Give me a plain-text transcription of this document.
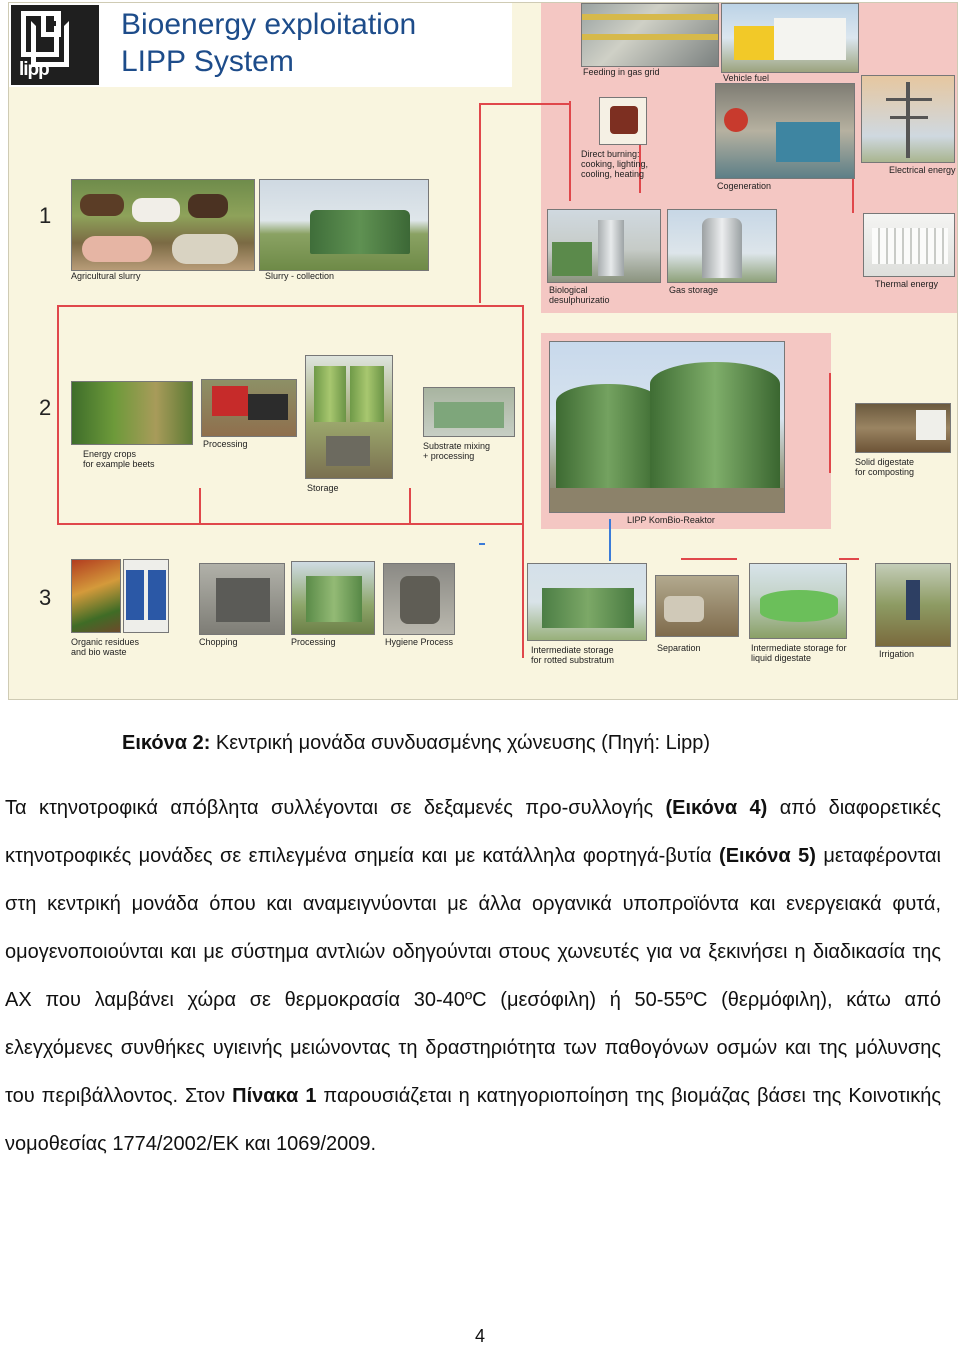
lipp
Bioenergy exploitation
LIPP System
1
2
3
Agricultural slurry	Slurry - collection
Feeding in gas grid
Vehicle fuel
Direct burning:
cooking, lighting,
cooling, heating
Cogeneration
Electrical energy
Biological
desulphurizatio
Gas storage
Thermal energy
Energy crops
for example beets
Processing
Storage
Substrate mixing
+ processing
LIPP KomBio-Reaktor
Solid digestate
for composting
Organic residues
and bio waste
Chopping	Processing	Hygiene Process
Intermediate storage
for rotted substratum
Separation	Intermediate storage for
liquid digestate	Irrigation
Εικόνα 2: Κεντρική μονάδα συνδυασμένης χώνευσης (Πηγή: Lipp)
Τα κτηνοτροφικά απόβλητα συλλέγονται σε δεξαμενές προ-συλλογής (Εικόνα 4) από διαφορετικές κτηνοτροφικές μονάδες σε επιλεγμένα σημεία και με κατάλληλα φορτηγά-βυτία (Εικόνα 5) μεταφέρονται στη κεντρική μονάδα όπου και αναμειγνύονται με άλλα οργανικά υποπροϊόντα και ενεργειακά φυτά, ομογενοποιούνται και με σύστημα αντλιών οδηγούνται στους χωνευτές για να ξεκινήσει η διαδικασία της ΑΧ που λαμβάνει χώρα σε θερμοκρασία 30-40ºC (μεσόφιλη) ή 50-55ºC (θερμόφιλη), κάτω από ελεγχόμενες συνθήκες υγιεινής μειώνοντας τη δραστηριότητα των παθογόνων οσμών και της μόλυνσης του περιβάλλοντος. Στον Πίνακα 1 παρουσιάζεται η κατηγοριοποίηση της βιομάζας βάσει της Κοινοτικής νομοθεσίας 1774/2002/ΕΚ και 1069/2009.
4
